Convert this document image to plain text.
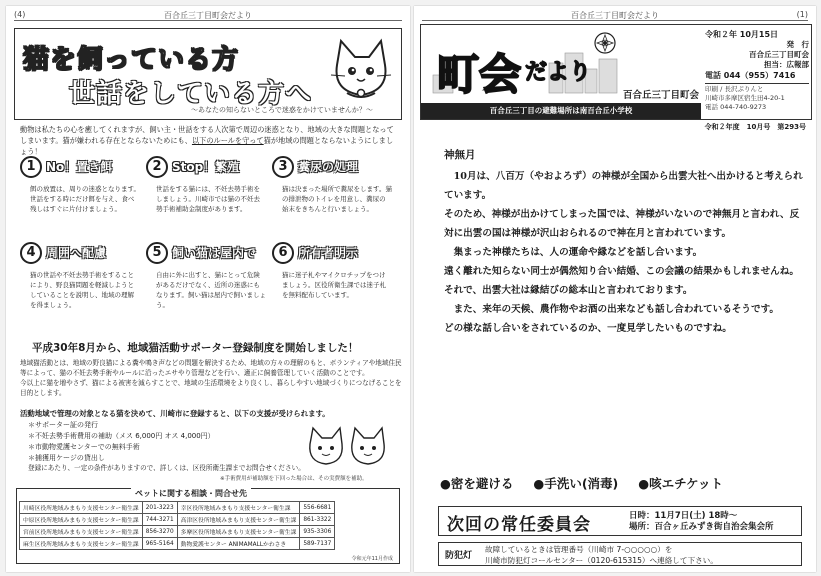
(4)	百合丘三丁目町会だより
猫を飼っている方
世話をしている方へ
〜あなたの知らないところで迷惑をかけていませんか？〜
動物は私たちの心を癒してくれますが、飼い主・世話をする人次第で周辺の迷惑となり、地域の大きな問題となってしまいます。猫が嫌われる存在とならないためにも、以下のルールを守って猫が地域の問題とならないようにしましょう！
1 No！置き餌
餌の放置は、周りの迷惑となります。世話をする時にだけ餌を与え、食べ残しはすぐに片付けましょう。
2 Stop！繁殖
世話をする猫には、不妊去勢手術をしましょう。川崎市では猫の不妊去勢手術補助金制度があります。
3 糞尿の処理
猫は決まった場所で糞尿をします。猫の排泄物のトイレを用意し、糞尿の始末をきちんと行いましょう。
4 周囲へ配慮
猫の世話や不妊去勢手術をすることにより、野良猫問題を軽減しようとしていることを説明し、地域の理解を得ましょう。
5 飼い猫は屋内で
自由に外に出すと、猫にとって危険があるだけでなく、近所の迷惑にもなります。飼い猫は屋内で飼いましょう。
6 所有者明示
猫に迷子札やマイクロチップをつけましょう。区役所衛生課では迷子札を無料配布しています。
平成30年8月から、地域猫活動サポーター登録制度を開始しました！
地域猫活動とは、地域の野良猫による糞や鳴き声などの問題を解決するため、地域の方々の理解のもと、ボランティアや地域住民等によって、猫の不妊去勢手術やルールに沿ったエサやり管理などを行い、適正に飼養管理していく活動のことです。
今以上に猫を増やさず、猫による被害を減らすことで、地域の生活環境をより良くし、暮らしやすい地域づくりにつなげることを目的とします。
活動地域で管理の対象となる猫を決めて、川崎市に登録すると、以下の支援が受けられます。
＊サポーター証の発行
＊不妊去勢手術費用の補助（メス 6,000円 オス 4,000円）
＊市動物愛護センターでの無料手術
＊捕獲用ケージの貸出し
登録にあたり、一定の条件がありますので、詳しくは、区役所衛生課までお問合せください。
※手術費用が補助額を下回った場合は、その実費額を補助。
ペットに関する相談・問合せ先
川崎区役所地域みまもり支援センター衛生課	201-3223	幸区役所地域みまもり支援センター衛生課	556-6681
中原区役所地域みまもり支援センター衛生課	744-3271	高津区役所地域みまもり支援センター衛生課	861-3322
宮前区役所地域みまもり支援センター衛生課	856-3270	多摩区役所地域みまもり支援センター衛生課	935-3306
麻生区役所地域みまもり支援センター衛生課	965-5164	動物愛護センター ANIMAMALLかわさき	589-7137
令和元年11月作成
百合丘三丁目町会だより	(1)
町会 だより
百合丘三丁目町会
百合丘三丁目の避難場所は南百合丘小学校
令和２年 10月15日
発　行
百合丘三丁目町会
担当：広報部
電話 044（955）7416
印刷 / 長沢ぷりんと
川崎市多摩区宿生田4-20-1
電話 044-740-9273
令和２年度　10月号　第293号
神無月
10月は、八百万（やおよろず）の神様が全国から出雲大社へ出かけると考えられています。
そのため、神様が出かけてしまった国では、神様がいないので神無月と言われ、反対に出雲の国は神様が沢山おられるので神在月と言われています。
集まった神様たちは、人の運命や縁などを話し合います。
遠く離れた知らない同士が偶然知り合い結婚、この会議の結果かもしれませんね。
それで、出雲大社は縁結びの総本山と言われております。
また、来年の天候、農作物やお酒の出来なども話し合われているそうです。
どの様な話し合いをされているのか、一度見学したいものですね。
●密を避ける ●手洗い(消毒) ●咳エチケット
次回の常任委員会	日時：11月7日(土) 18時〜
場所：百合ヶ丘みずき街自治会集会所
防犯灯
故障しているときは管理番号（川崎市 7-○○○○○）を
川崎市防犯灯コールセンター（0120-615315）へ連絡して下さい。
